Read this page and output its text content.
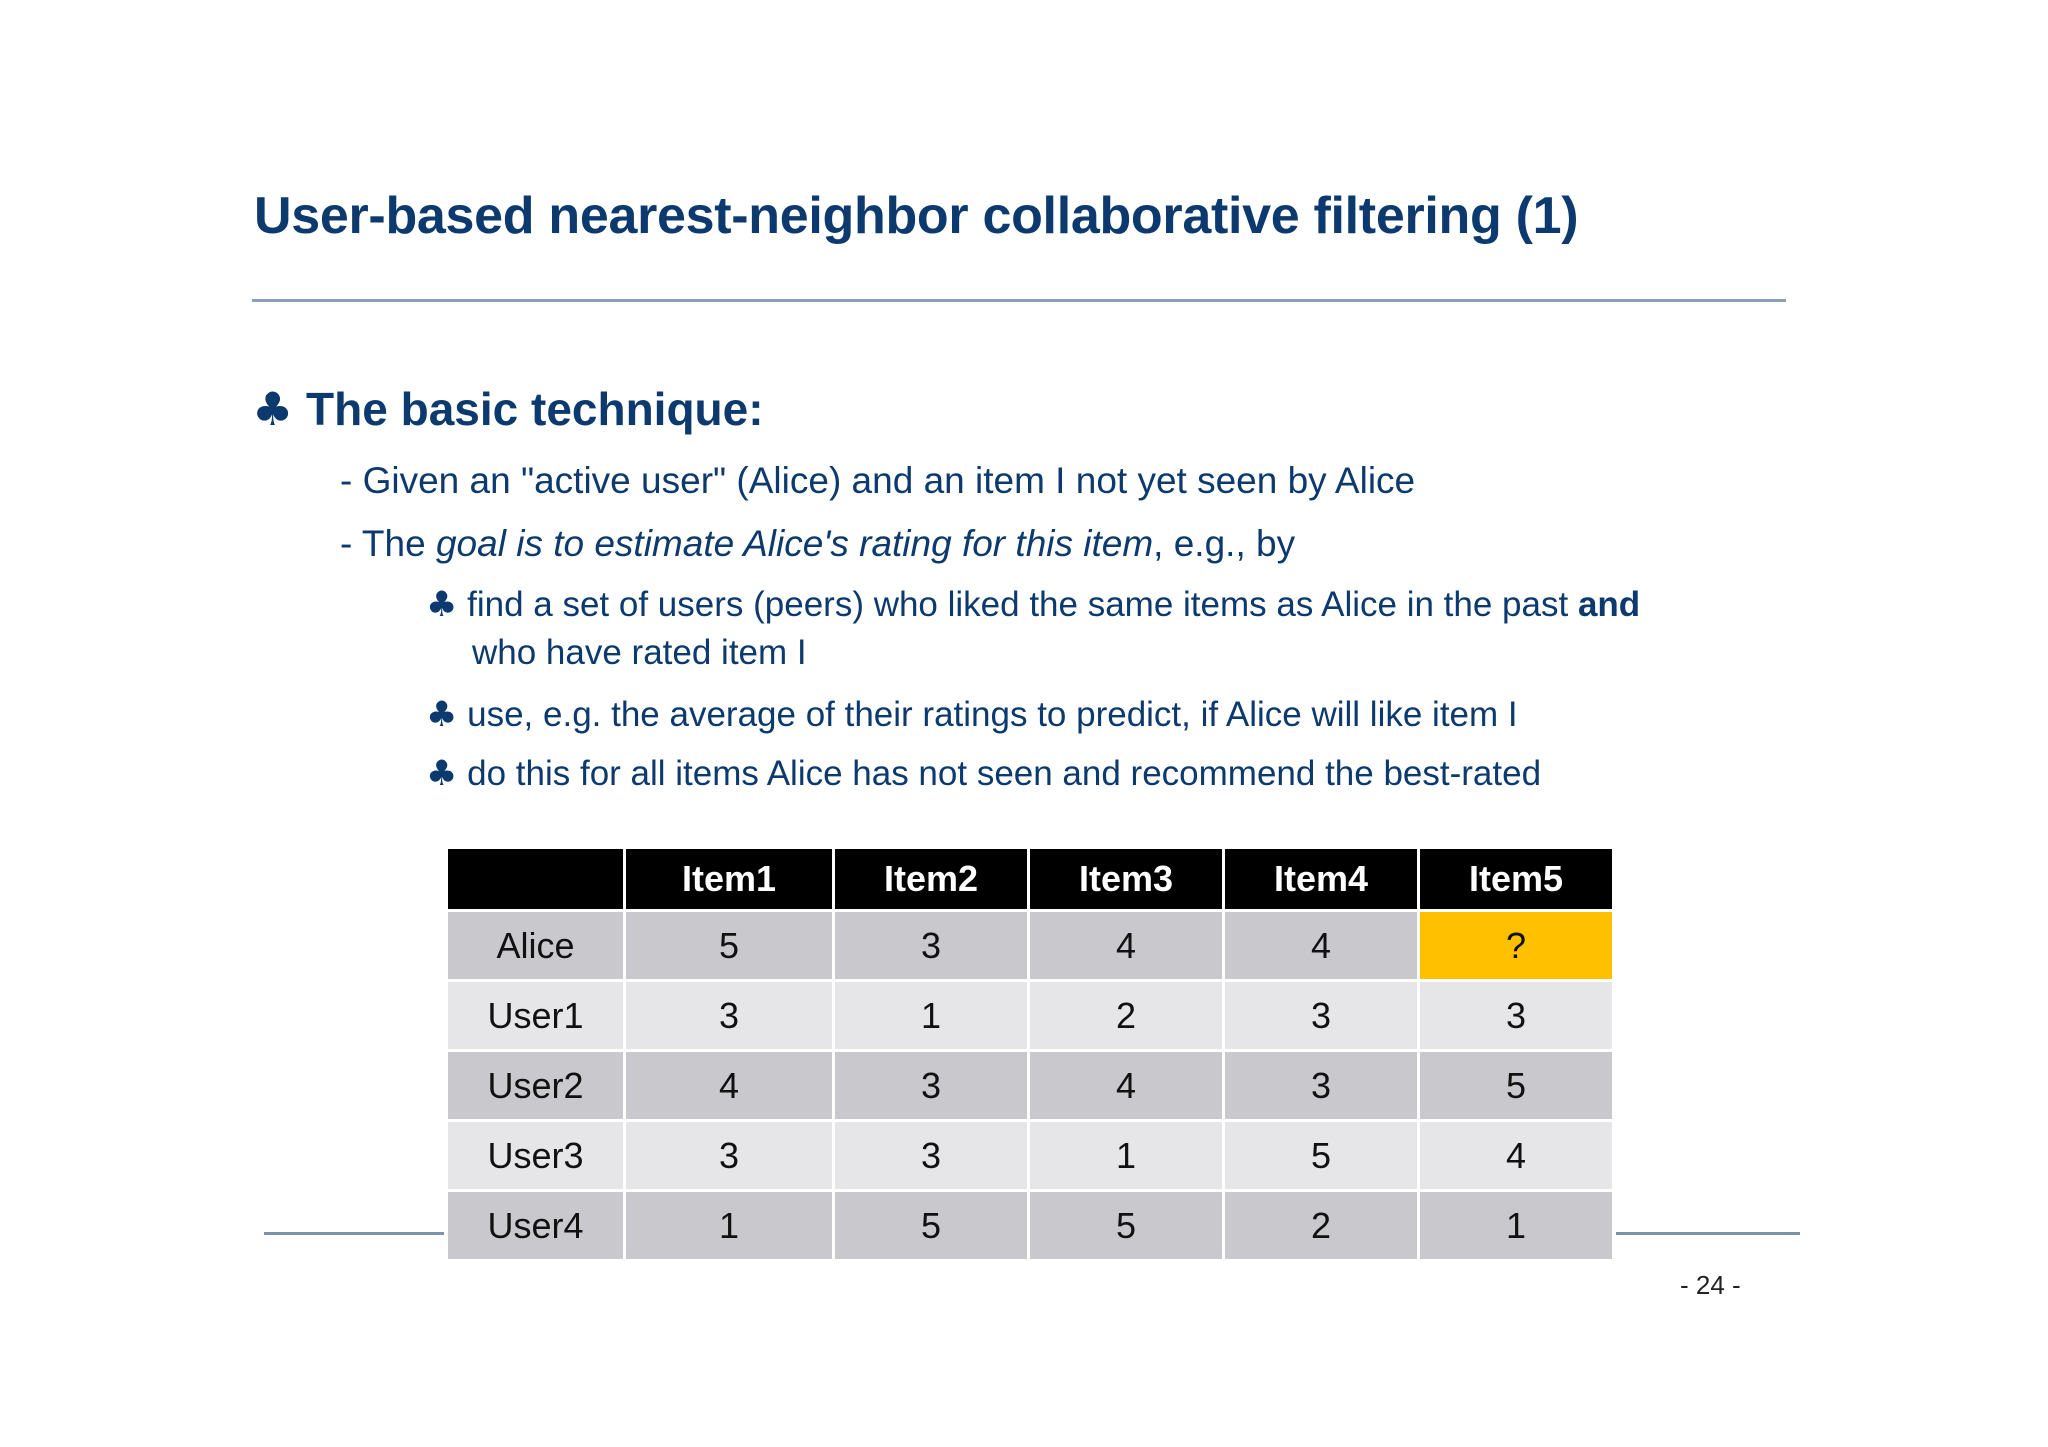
User-based nearest-neighbor collaborative filtering (1)
♣ The basic technique:
- Given an "active user" (Alice) and an item I not yet seen by Alice
- The goal is to estimate Alice's rating for this item, e.g., by
♣ find a set of users (peers) who liked the same items as Alice in the past and
who have rated item I
♣ use, e.g. the average of their ratings to predict, if Alice will like item I
♣ do this for all items Alice has not seen and recommend the best-rated
	Item1	Item2	Item3	Item4	Item5
Alice	5	3	4	4	?
User1	3	1	2	3	3
User2	4	3	4	3	5
User3	3	3	1	5	4
User4	1	5	5	2	1
- 24 -
